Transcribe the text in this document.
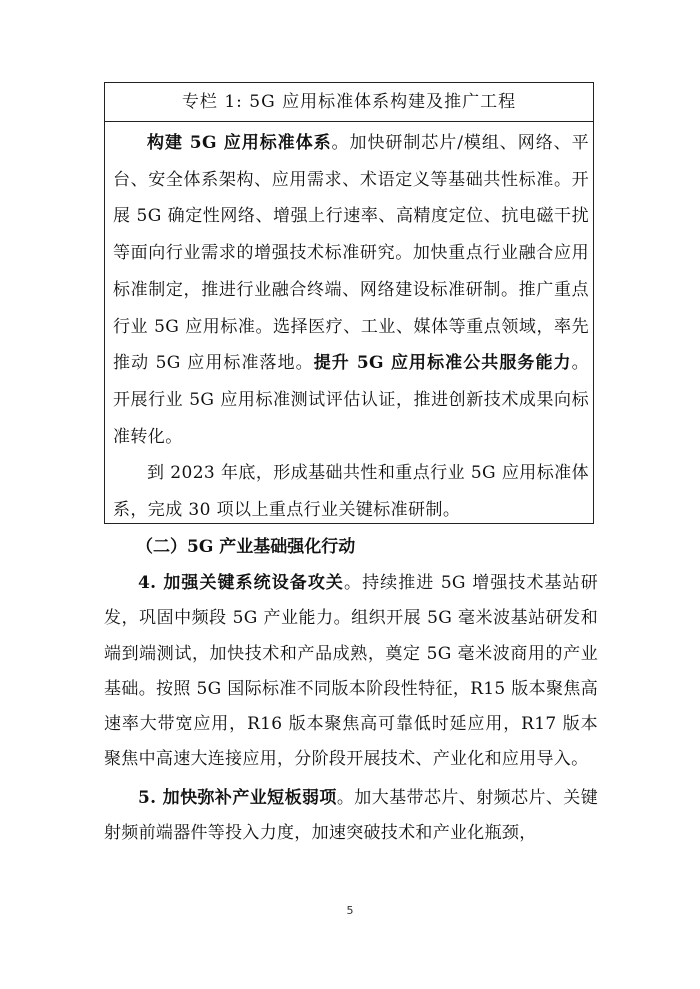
专栏 1: 5G 应用标准体系构建及推广工程

构建 5G 应用标准体系。加快研制芯片/模组、网络、平台、安全体系架构、应用需求、术语定义等基础共性标准。开展 5G 确定性网络、增强上行速率、高精度定位、抗电磁干扰等面向行业需求的增强技术标准研究。加快重点行业融合应用标准制定，推进行业融合终端、网络建设标准研制。推广重点行业 5G 应用标准。选择医疗、工业、媒体等重点领域，率先推动 5G 应用标准落地。提升 5G 应用标准公共服务能力。开展行业 5G 应用标准测试评估认证，推进创新技术成果向标准转化。

到 2023 年底，形成基础共性和重点行业 5G 应用标准体系，完成 30 项以上重点行业关键标准研制。

（二）5G 产业基础强化行动

4. 加强关键系统设备攻关。持续推进 5G 增强技术基站研发，巩固中频段 5G 产业能力。组织开展 5G 毫米波基站研发和端到端测试，加快技术和产品成熟，奠定 5G 毫米波商用的产业基础。按照 5G 国际标准不同版本阶段性特征，R15 版本聚焦高速率大带宽应用，R16 版本聚焦高可靠低时延应用，R17 版本聚焦中高速大连接应用，分阶段开展技术、产业化和应用导入。

5. 加快弥补产业短板弱项。加大基带芯片、射频芯片、关键射频前端器件等投入力度，加速突破技术和产业化瓶颈，

5
